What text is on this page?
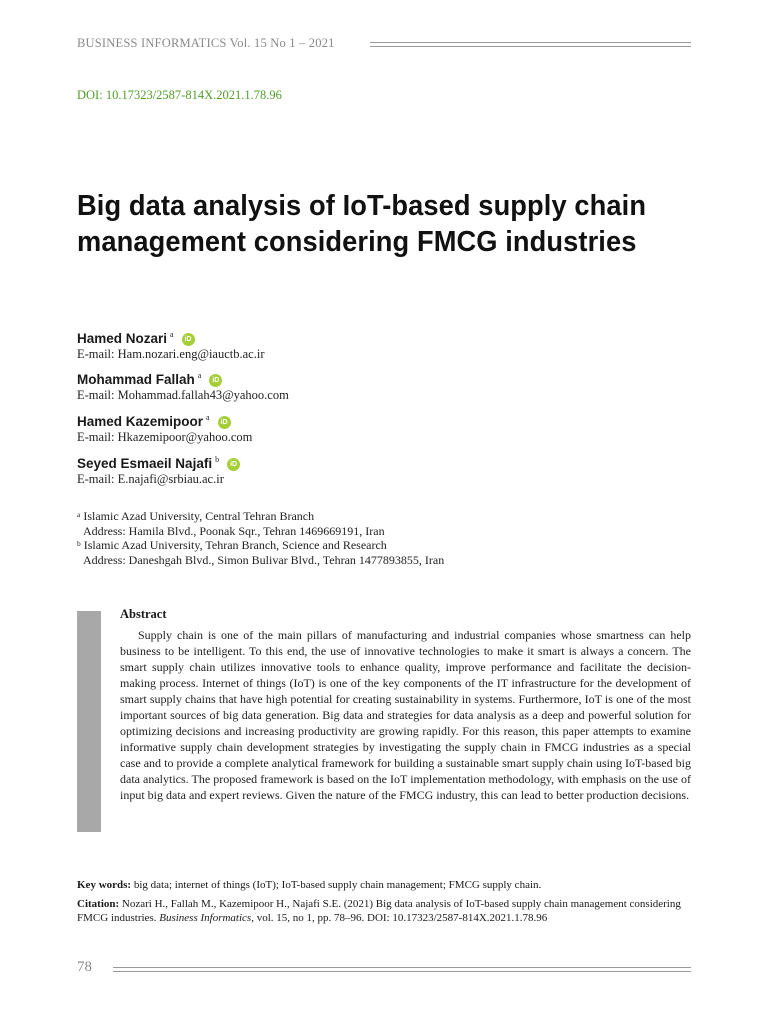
BUSINESS INFORMATICS Vol. 15 No 1 – 2021
DOI: 10.17323/2587-814X.2021.1.78.96
Big data analysis of IoT-based supply chain management considering FMCG industries
Hamed Nozari a	iD
E-mail: Ham.nozari.eng@iauctb.ac.ir
Mohammad Fallah a	iD
E-mail: Mohammad.fallah43@yahoo.com
Hamed Kazemipoor a	iD
E-mail: Hkazemipoor@yahoo.com
Seyed Esmaeil Najafi b	iD
E-mail: E.najafi@srbiau.ac.ir
$^a$ Islamic Azad University, Central Tehran Branch
Address: Hamila Blvd., Poonak Sqr., Tehran 1469669191, Iran
$^b$ Islamic Azad University, Tehran Branch, Science and Research
Address: Daneshgah Blvd., Simon Bulivar Blvd., Tehran 1477893855, Iran
Abstract

Supply chain is one of the main pillars of manufacturing and industrial companies whose smartness can help business to be intelligent. To this end, the use of innovative technologies to make it smart is always a concern. The smart supply chain utilizes innovative tools to enhance quality, improve performance and facilitate the decision-making process. Internet of things (IoT) is one of the key components of the IT infrastructure for the development of smart supply chains that have high potential for creating sustainability in systems. Furthermore, IoT is one of the most important sources of big data generation. Big data and strategies for data analysis as a deep and powerful solution for optimizing decisions and increasing productivity are growing rapidly. For this reason, this paper attempts to examine informative supply chain development strategies by investigating the supply chain in FMCG industries as a special case and to provide a complete analytical framework for building a sustainable smart supply chain using IoT-based big data analytics. The proposed framework is based on the IoT implementation methodology, with emphasis on the use of input big data and expert reviews. Given the nature of the FMCG industry, this can lead to better production decisions.

Key words: big data; internet of things (IoT); IoT-based supply chain management; FMCG supply chain.
Citation: Nozari H., Fallah M., Kazemipoor H., Najafi S.E. (2021) Big data analysis of IoT-based supply chain management considering FMCG industries. Business Informatics, vol. 15, no 1, pp. 78–96. DOI: 10.17323/2587-814X.2021.1.78.96
78
